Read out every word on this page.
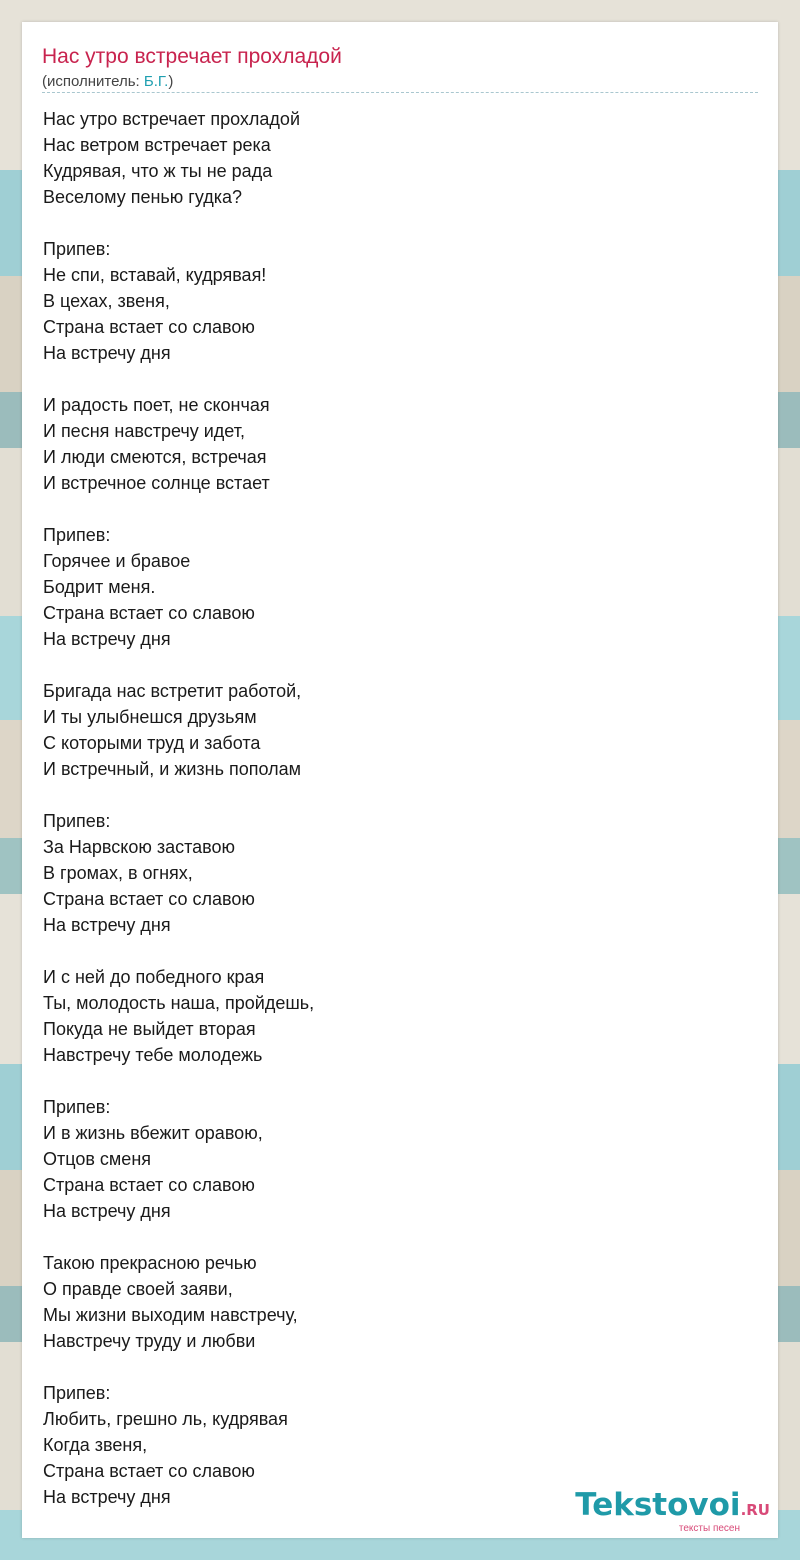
Нас утро встречает прохладой
(исполнитель: Б.Г.)
Нас утро встречает прохладой
Нас ветром встречает река
Кудрявая, что ж ты не рада
Веселому пенью гудка?
Припев:
Не спи, вставай, кудрявая!
В цехах, звеня,
Страна встает со славою
На встречу дня
И радость поет, не скончая
И песня навстречу идет,
И люди смеются, встречая
И встречное солнце встает
Припев:
Горячее и бравое
Бодрит меня.
Страна встает со славою
На встречу дня
Бригада нас встретит работой,
И ты улыбнешся друзьям
С которыми труд и забота
И встречный, и жизнь пополам
Припев:
За Нарвскою заставою
В громах, в огнях,
Страна встает со славою
На встречу дня
И с ней до победного края
Ты, молодость наша, пройдешь,
Покуда не выйдет вторая
Навстречу тебе молодежь
Припев:
И в жизнь вбежит оравою,
Отцов сменя
Страна встает со славою
На встречу дня
Такою прекрасною речью
О правде своей заяви,
Мы жизни выходим навстречу,
Навстречу труду и любви
Припев:
Любить, грешно ль, кудрявая
Когда звеня,
Страна встает со славою
На встречу дня	Tekstovoi.RU
тексты песен
